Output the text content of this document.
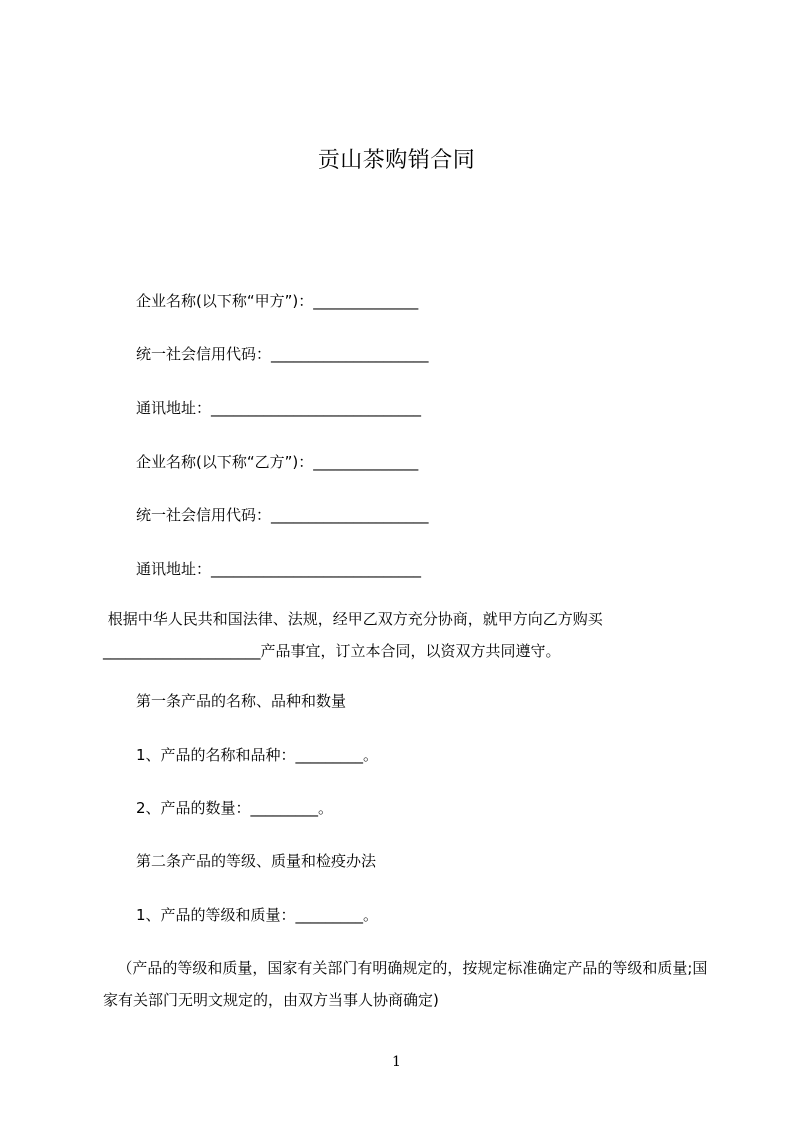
贡山茶购销合同
企业名称(以下称“甲方”)：______________
统一社会信用代码：_____________________
通讯地址：____________________________
企业名称(以下称“乙方”)：______________
统一社会信用代码：_____________________
通讯地址：____________________________
根据中华人民共和国法律、法规，经甲乙双方充分协商，就甲方向乙方购买_____________________产品事宜，订立本合同，以资双方共同遵守。
第一条产品的名称、品种和数量
1、产品的名称和品种：_________。
2、产品的数量：_________。
第二条产品的等级、质量和检疫办法
1、产品的等级和质量：_________。
（产品的等级和质量，国家有关部门有明确规定的，按规定标准确定产品的等级和质量;国家有关部门无明文规定的，由双方当事人协商确定)
1
